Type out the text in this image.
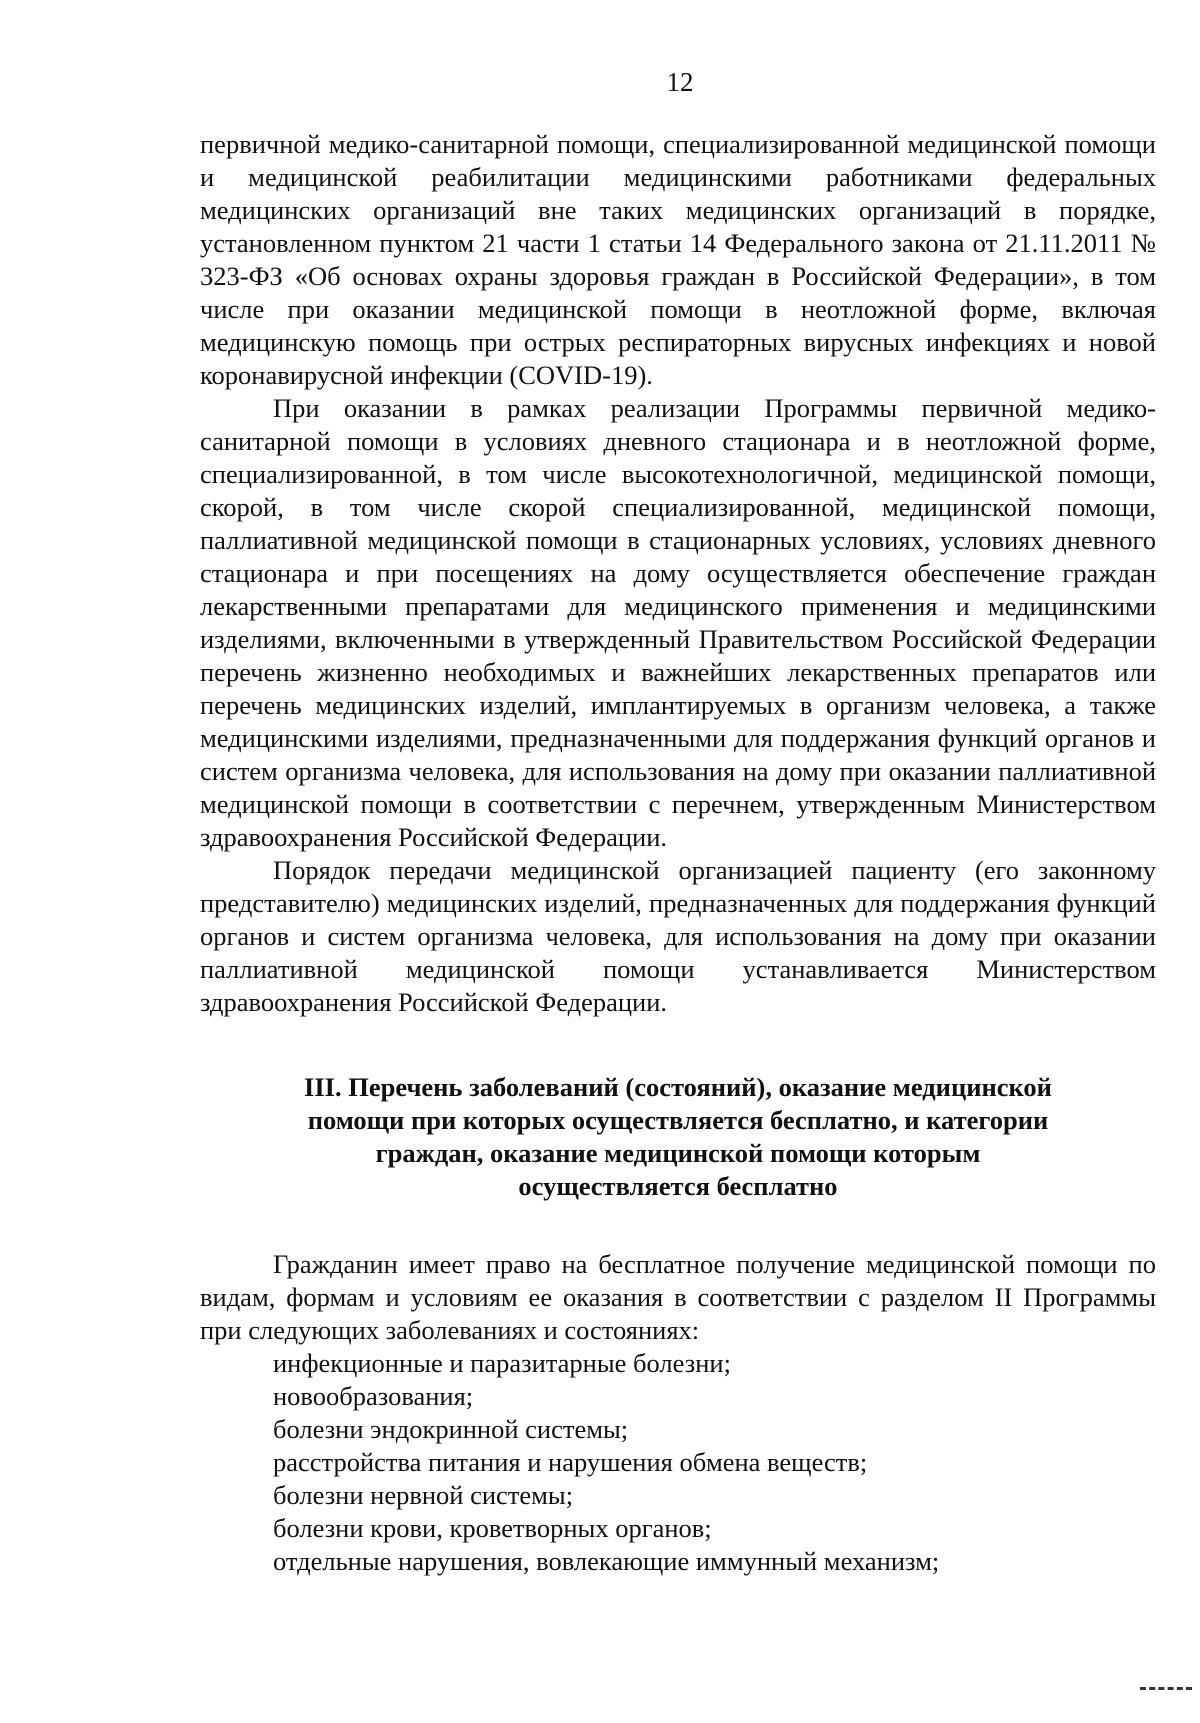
12

первичной медико-санитарной помощи, специализированной медицинской помощи и медицинской реабилитации медицинскими работниками федеральных медицинских организаций вне таких медицинских организаций в порядке, установленном пунктом 21 части 1 статьи 14 Федерального закона от 21.11.2011 № 323-ФЗ «Об основах охраны здоровья граждан в Российской Федерации», в том числе при оказании медицинской помощи в неотложной форме, включая медицинскую помощь при острых респираторных вирусных инфекциях и новой коронавирусной инфекции (COVID-19).

При оказании в рамках реализации Программы первичной медико-санитарной помощи в условиях дневного стационара и в неотложной форме, специализированной, в том числе высокотехнологичной, медицинской помощи, скорой, в том числе скорой специализированной, медицинской помощи, паллиативной медицинской помощи в стационарных условиях, условиях дневного стационара и при посещениях на дому осуществляется обеспечение граждан лекарственными препаратами для медицинского применения и медицинскими изделиями, включенными в утвержденный Правительством Российской Федерации перечень жизненно необходимых и важнейших лекарственных препаратов или перечень медицинских изделий, имплантируемых в организм человека, а также медицинскими изделиями, предназначенными для поддержания функций органов и систем организма человека, для использования на дому при оказании паллиативной медицинской помощи в соответствии с перечнем, утвержденным Министерством здравоохранения Российской Федерации.

Порядок передачи медицинской организацией пациенту (его законному представителю) медицинских изделий, предназначенных для поддержания функций органов и систем организма человека, для использования на дому при оказании паллиативной медицинской помощи устанавливается Министерством здравоохранения Российской Федерации.

III. Перечень заболеваний (состояний), оказание медицинской
помощи при которых осуществляется бесплатно, и категории
граждан, оказание медицинской помощи которым
осуществляется бесплатно

Гражданин имеет право на бесплатное получение медицинской помощи по видам, формам и условиям ее оказания в соответствии с разделом II Программы при следующих заболеваниях и состояниях:

инфекционные и паразитарные болезни;
новообразования;
болезни эндокринной системы;
расстройства питания и нарушения обмена веществ;
болезни нервной системы;
болезни крови, кроветворных органов;
отдельные нарушения, вовлекающие иммунный механизм;
